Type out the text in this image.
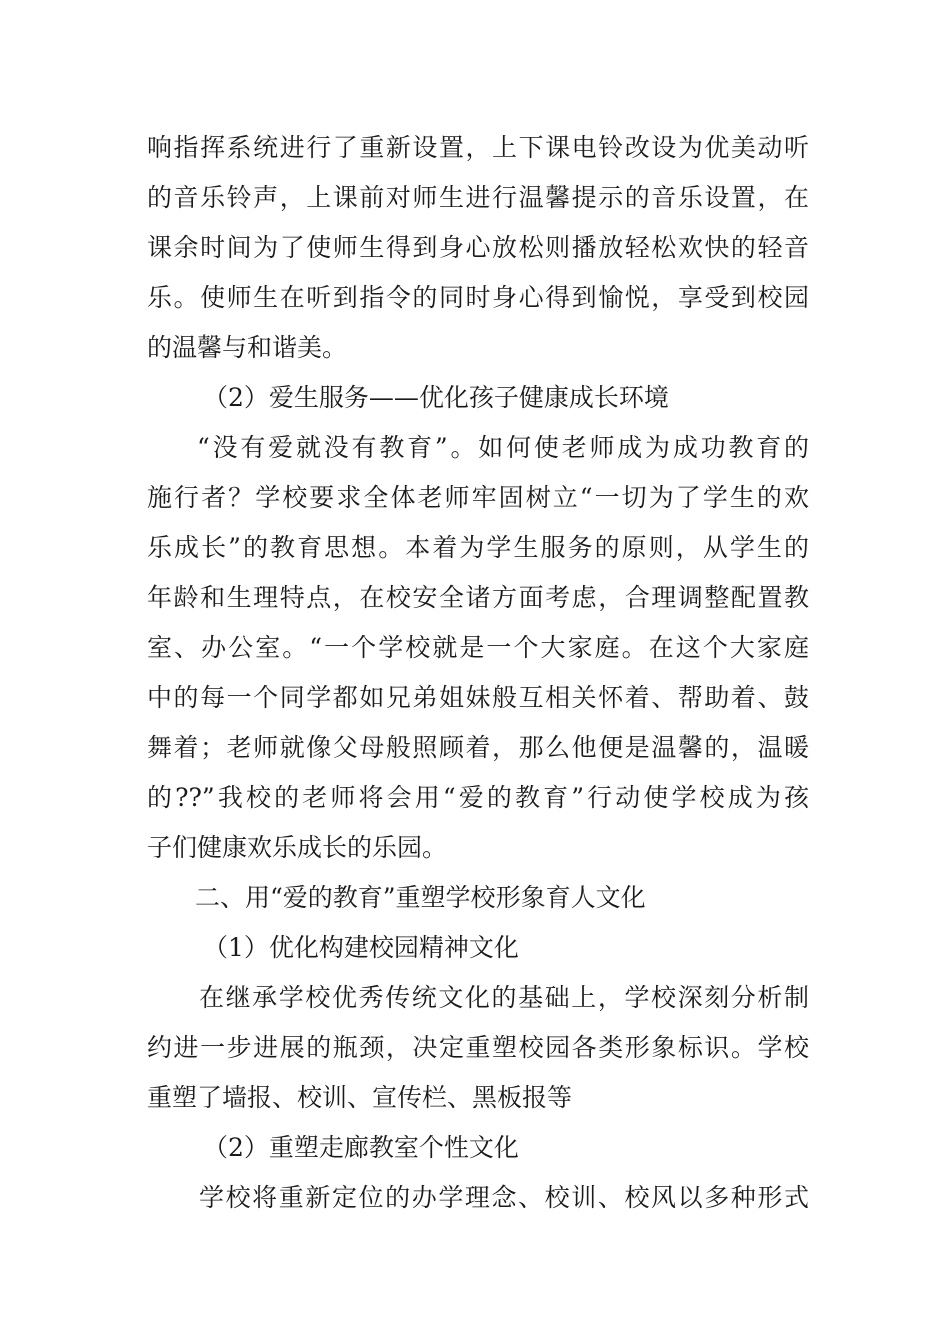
响指挥系统进行了重新设置，上下课电铃改设为优美动听
的音乐铃声，上课前对师生进行温馨提示的音乐设置，在
课余时间为了使师生得到身心放松则播放轻松欢快的轻音
乐。使师生在听到指令的同时身心得到愉悦，享受到校园
的温馨与和谐美。
（2）爱生服务——优化孩子健康成长环境
“没有爱就没有教育”。如何使老师成为成功教育的
施行者？学校要求全体老师牢固树立“一切为了学生的欢
乐成长”的教育思想。本着为学生服务的原则，从学生的
年龄和生理特点，在校安全诸方面考虑，合理调整配置教
室、办公室。“一个学校就是一个大家庭。在这个大家庭
中的每一个同学都如兄弟姐妹般互相关怀着、帮助着、鼓
舞着；老师就像父母般照顾着，那么他便是温馨的，温暖
的??”我校的老师将会用“爱的教育”行动使学校成为孩
子们健康欢乐成长的乐园。
二、用“爱的教育”重塑学校形象育人文化
（1）优化构建校园精神文化
在继承学校优秀传统文化的基础上，学校深刻分析制
约进一步进展的瓶颈，决定重塑校园各类形象标识。学校
重塑了墙报、校训、宣传栏、黑板报等
（2）重塑走廊教室个性文化
学校将重新定位的办学理念、校训、校风以多种形式
